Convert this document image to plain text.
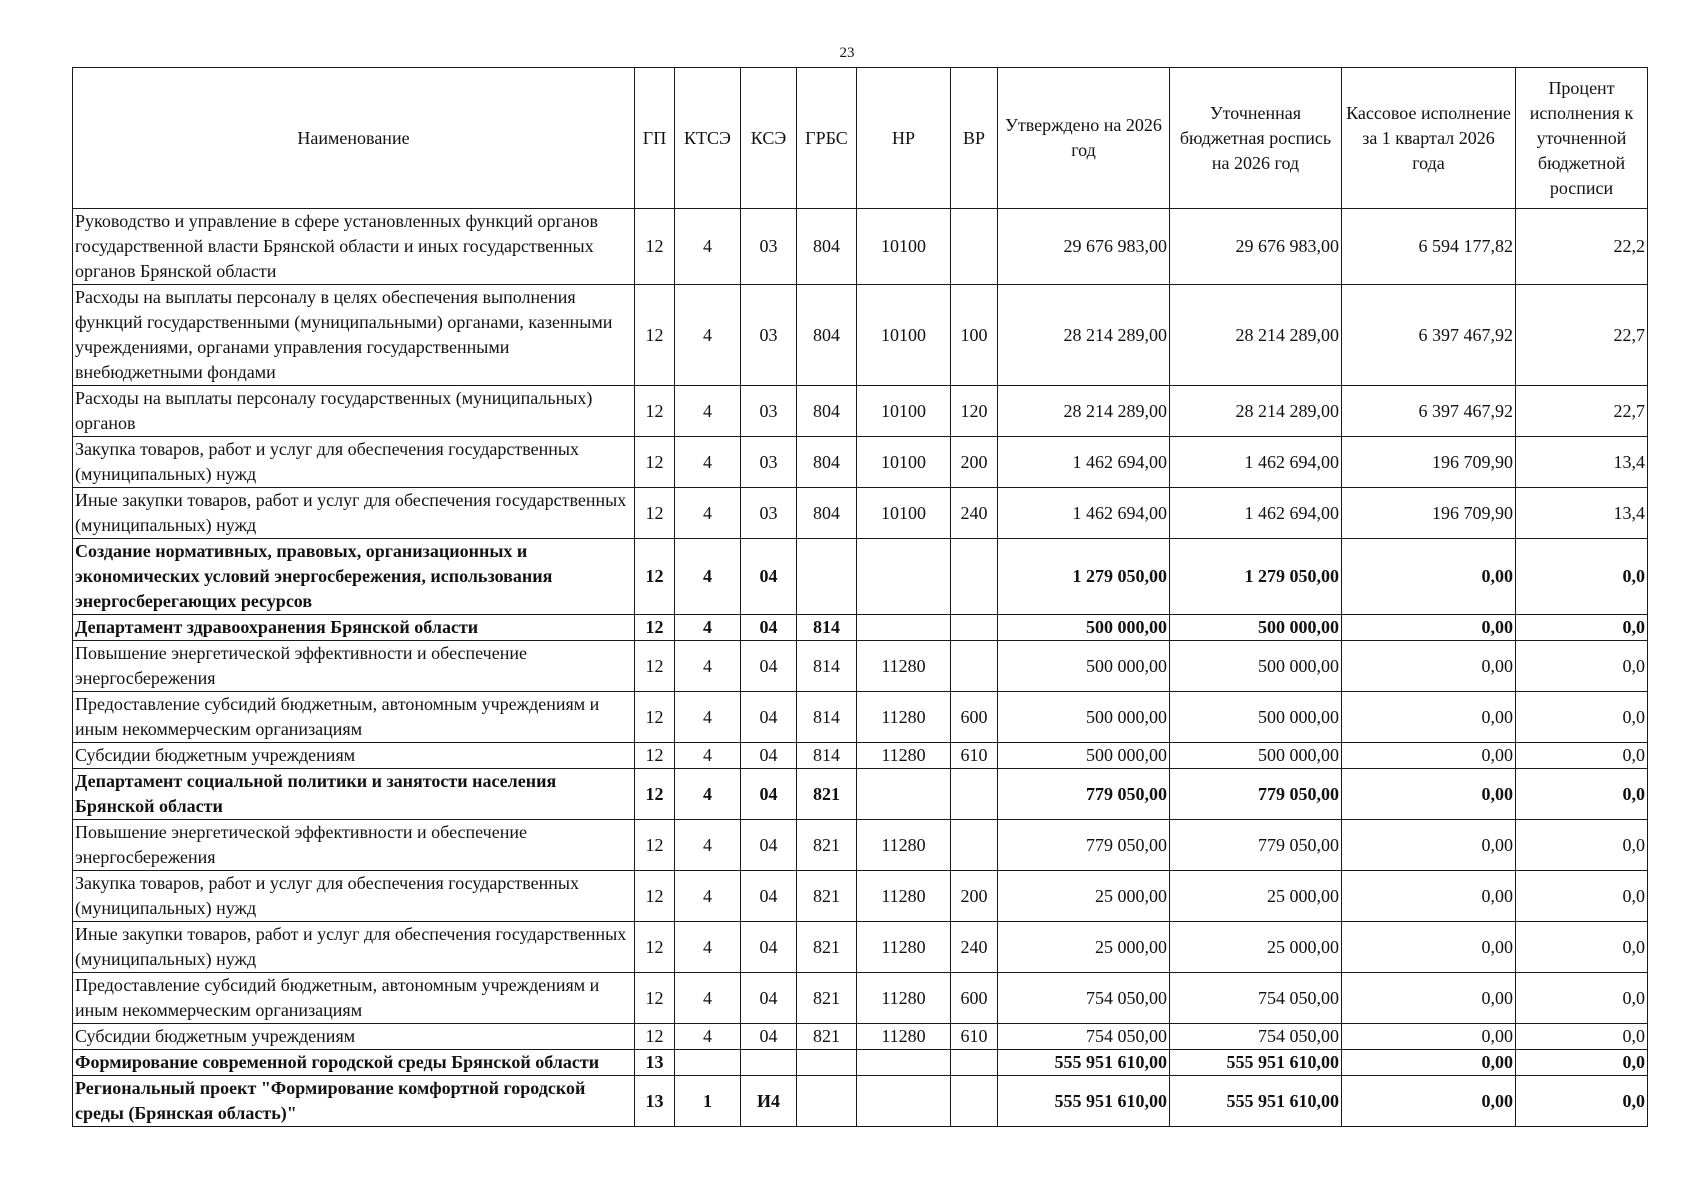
23
Наименование	ГП	КТСЭ	КСЭ	ГРБС	НР	ВР	Утверждено на 2026 год	Уточненная бюджетная роспись на 2026 год	Кассовое исполнение за 1 квартал 2026 года	Процент исполнения к уточненной бюджетной росписи
Руководство и управление в сфере установленных функций органов государственной власти Брянской области и иных государственных органов Брянской области	12	4	03	804	10100		29 676 983,00	29 676 983,00	6 594 177,82	22,2
Расходы на выплаты персоналу в целях обеспечения выполнения функций государственными (муниципальными) органами, казенными учреждениями, органами управления государственными внебюджетными фондами	12	4	03	804	10100	100	28 214 289,00	28 214 289,00	6 397 467,92	22,7
Расходы на выплаты персоналу государственных (муниципальных) органов	12	4	03	804	10100	120	28 214 289,00	28 214 289,00	6 397 467,92	22,7
Закупка товаров, работ и услуг для обеспечения государственных (муниципальных) нужд	12	4	03	804	10100	200	1 462 694,00	1 462 694,00	196 709,90	13,4
Иные закупки товаров, работ и услуг для обеспечения государственных (муниципальных) нужд	12	4	03	804	10100	240	1 462 694,00	1 462 694,00	196 709,90	13,4
Создание нормативных, правовых, организационных и экономических условий энергосбережения, использования энергосберегающих ресурсов	12	4	04				1 279 050,00	1 279 050,00	0,00	0,0
Департамент здравоохранения Брянской области	12	4	04	814			500 000,00	500 000,00	0,00	0,0
Повышение энергетической эффективности и обеспечение энергосбережения	12	4	04	814	11280		500 000,00	500 000,00	0,00	0,0
Предоставление субсидий бюджетным, автономным учреждениям и иным некоммерческим организациям	12	4	04	814	11280	600	500 000,00	500 000,00	0,00	0,0
Субсидии бюджетным учреждениям	12	4	04	814	11280	610	500 000,00	500 000,00	0,00	0,0
Департамент социальной политики и занятости населения Брянской области	12	4	04	821			779 050,00	779 050,00	0,00	0,0
Повышение энергетической эффективности и обеспечение энергосбережения	12	4	04	821	11280		779 050,00	779 050,00	0,00	0,0
Закупка товаров, работ и услуг для обеспечения государственных (муниципальных) нужд	12	4	04	821	11280	200	25 000,00	25 000,00	0,00	0,0
Иные закупки товаров, работ и услуг для обеспечения государственных (муниципальных) нужд	12	4	04	821	11280	240	25 000,00	25 000,00	0,00	0,0
Предоставление субсидий бюджетным, автономным учреждениям и иным некоммерческим организациям	12	4	04	821	11280	600	754 050,00	754 050,00	0,00	0,0
Субсидии бюджетным учреждениям	12	4	04	821	11280	610	754 050,00	754 050,00	0,00	0,0
Формирование современной городской среды Брянской области	13						555 951 610,00	555 951 610,00	0,00	0,0
Региональный проект "Формирование комфортной городской среды (Брянская область)"	13	1	И4				555 951 610,00	555 951 610,00	0,00	0,0
